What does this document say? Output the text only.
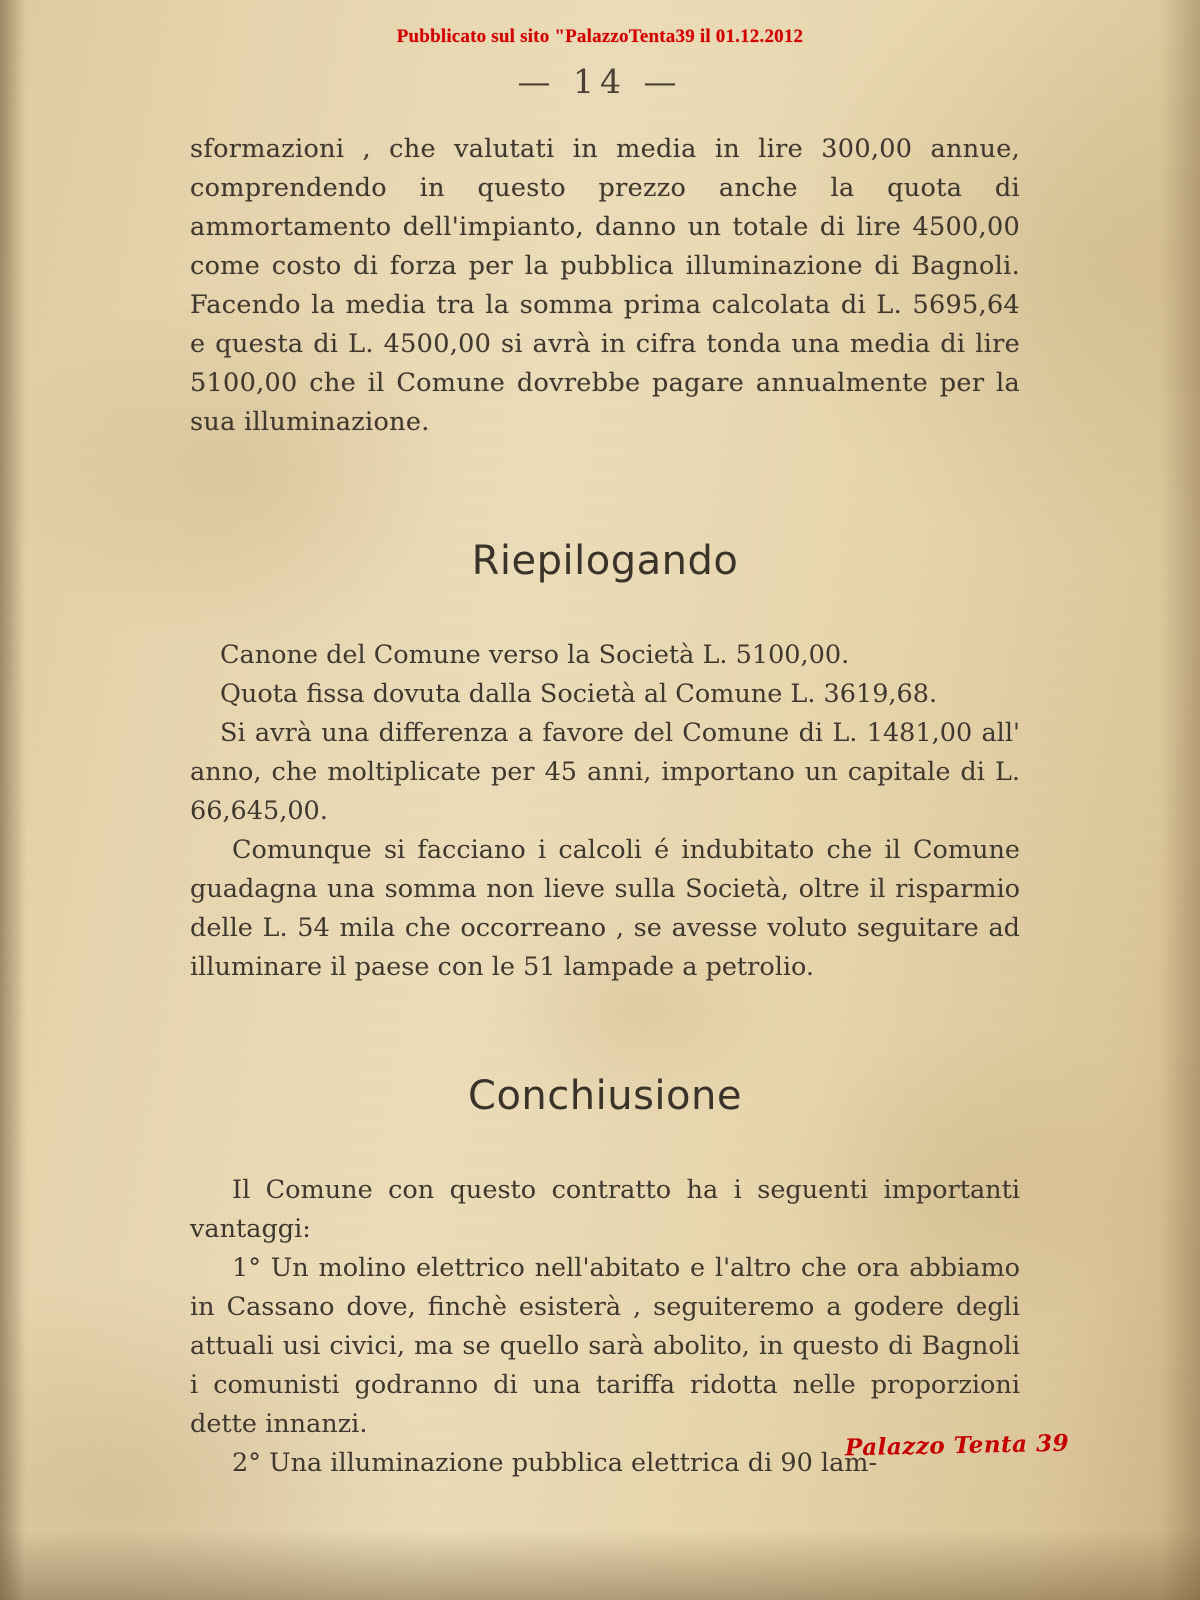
Pubblicato sul sito "PalazzoTenta39 il 01.12.2012
— 14 —

sformazioni , che valutati in media in lire 300,00 annue, comprendendo in questo prezzo anche la quota di ammortamento dell'impianto, danno un totale di lire 4500,00 come costo di forza per la pubblica illuminazione di Bagnoli. Facendo la media tra la somma prima calcolata di L. 5695,64 e questa di L. 4500,00 si avrà in cifra tonda una media di lire 5100,00 che il Comune dovrebbe pagare annualmente per la sua illuminazione.

Riepilogando

Canone del Comune verso la Società L. 5100,00.

Quota fissa dovuta dalla Società al Comune L. 3619,68.

Si avrà una differenza a favore del Comune di L. 1481,00 all' anno, che moltiplicate per 45 anni, importano un capitale di L. 66,645,00.

Comunque si facciano i calcoli é indubitato che il Comune guadagna una somma non lieve sulla Società, oltre il risparmio delle L. 54 mila che occorreano , se avesse voluto seguitare ad illuminare il paese con le 51 lampade a petrolio.

Conchiusione

Il Comune con questo contratto ha i seguenti importanti vantaggi:

1° Un molino elettrico nell'abitato e l'altro che ora abbiamo in Cassano dove, finchè esisterà , seguiteremo a godere degli attuali usi civici, ma se quello sarà abolito, in questo di Bagnoli i comunisti godranno di una tariffa ridotta nelle proporzioni dette innanzi.

2° Una illuminazione pubblica elettrica di 90 lam-

Palazzo Tenta 39
